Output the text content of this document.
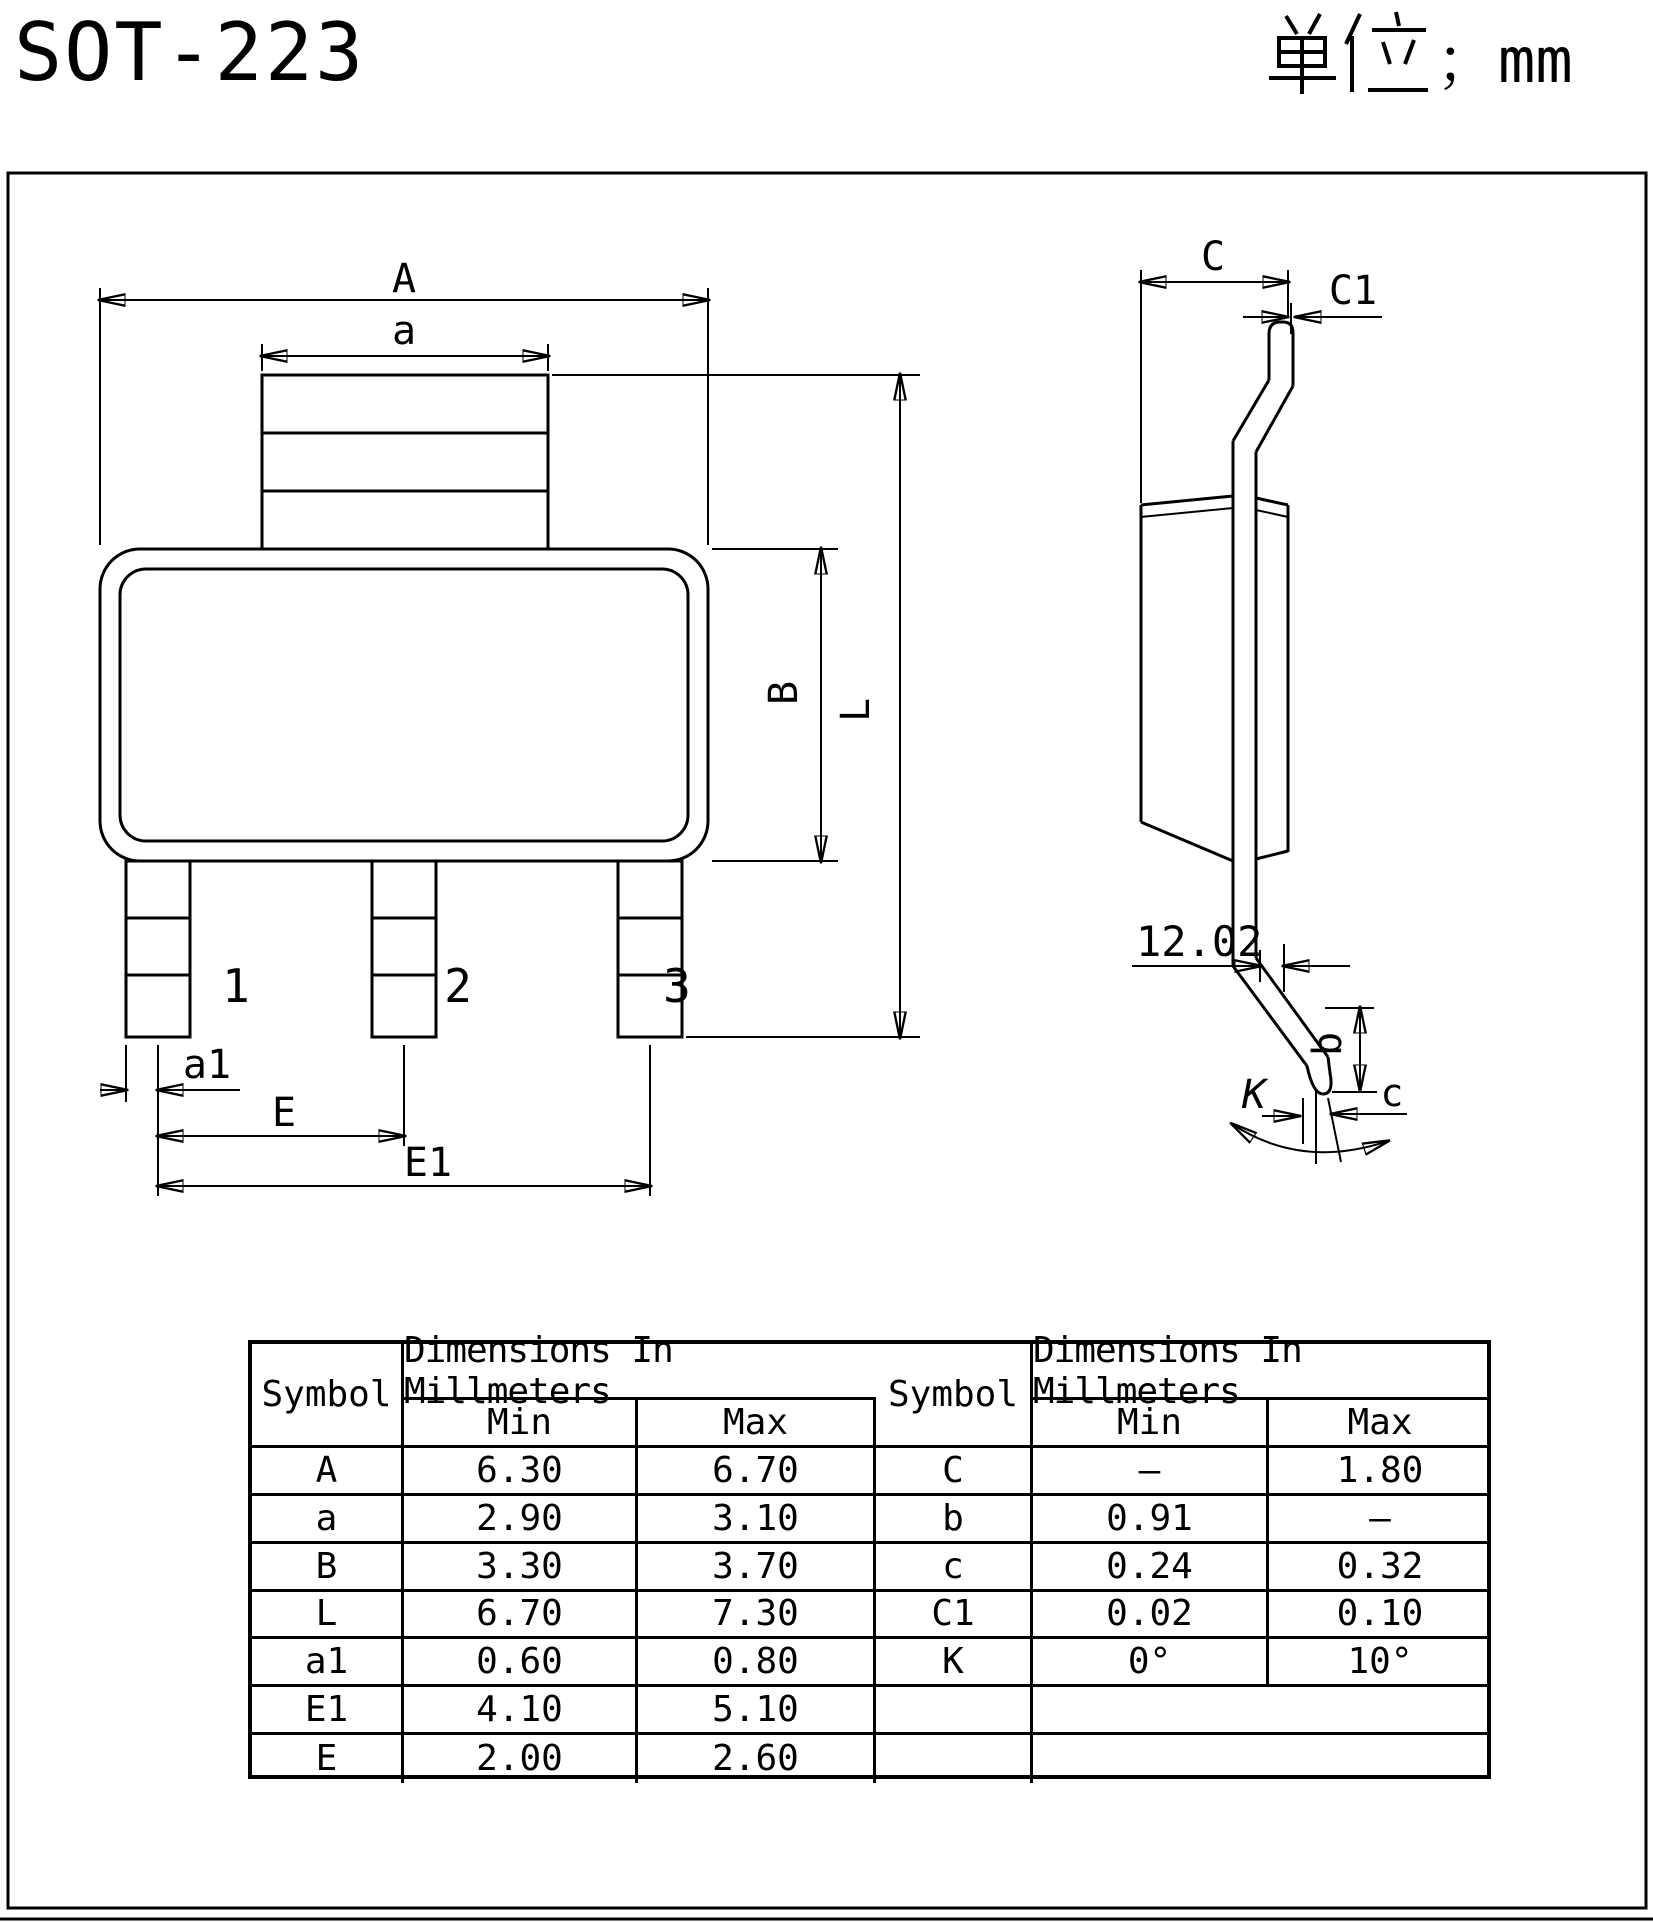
SOT-223	；mm
A
a
1	2	3
B
L
a1
E
E1
C
C1
12.02
b
c
K
Symbol
Dimensions In Millmeters
Min	Max
Symbol
Dimensions In Millmeters
Min	Max
A	6.30	6.70
a	2.90	3.10
B	3.30	3.70
L	6.70	7.30
a1	0.60	0.80
E1	4.10	5.10
E	2.00	2.60
C	–	1.80
b	0.91	–
c	0.24	0.32
C1	0.02	0.10
K	0°	10°
